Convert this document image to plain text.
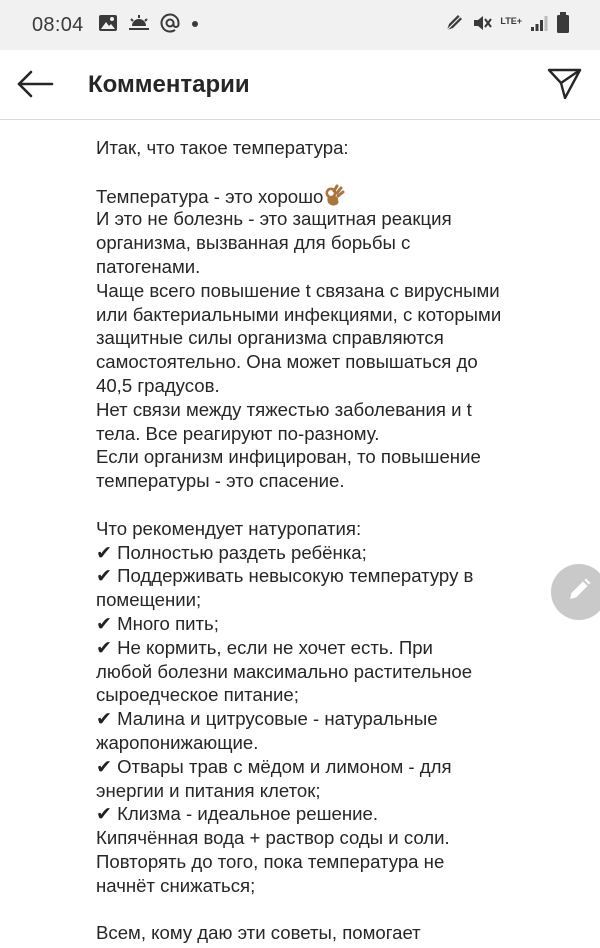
08:04	LTE+
Комментарии
Итак, что такое температура:
Температура - это хорошо
И это не болезнь - это защитная реакция
организма, вызванная для борьбы с
патогенами.
Чаще всего повышение t связана с вирусными
или бактериальными инфекциями, с которыми
защитные силы организма справляются
самостоятельно. Она может повышаться до
40,5 градусов.
Нет связи между тяжестью заболевания и t
тела. Все реагируют по-разному.
Если организм инфицирован, то повышение
температуры - это спасение.
Что рекомендует натуропатия:
✔ Полностью раздеть ребёнка;
✔ Поддерживать невысокую температуру в
помещении;
✔ Много пить;
✔ Не кормить, если не хочет есть. При
любой болезни максимально растительное
сыроедческое питание;
✔ Малина и цитрусовые - натуральные
жаропонижающие.
✔ Отвары трав с мёдом и лимоном - для
энергии и питания клеток;
✔ Клизма - идеальное решение.
Кипячённая вода + раствор соды и соли.
Повторять до того, пока температура не
начнёт снижаться;
Всем, кому даю эти советы, помогает
